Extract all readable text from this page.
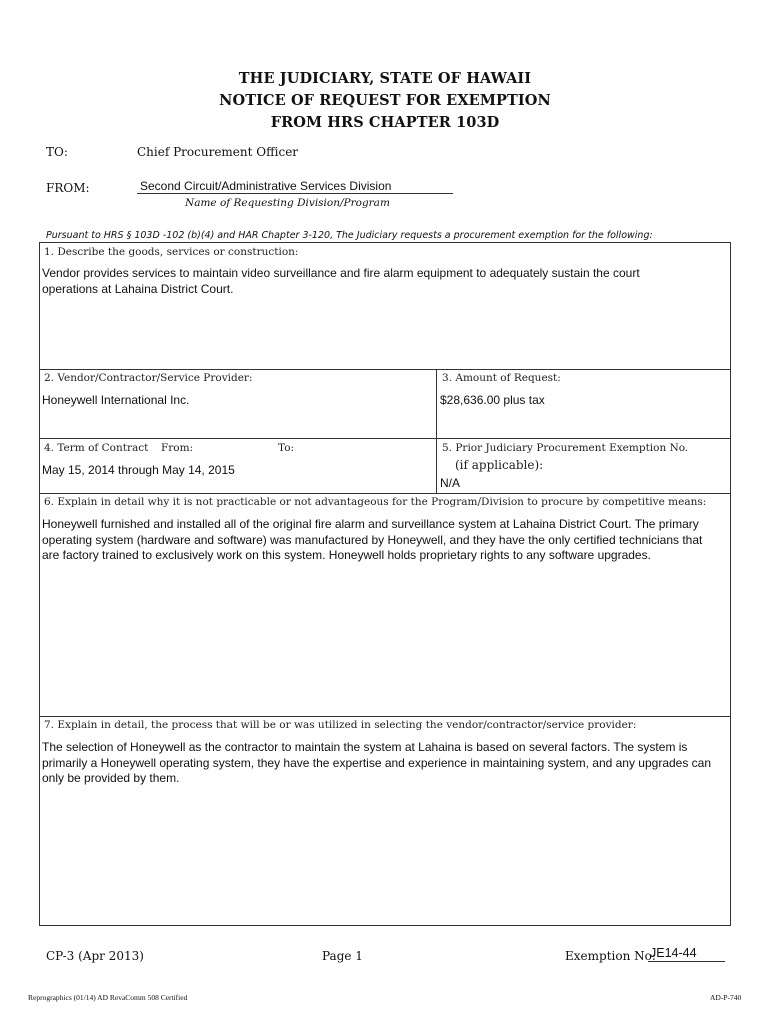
THE JUDICIARY, STATE OF HAWAII
NOTICE OF REQUEST FOR EXEMPTION
FROM HRS CHAPTER 103D
TO:	Chief Procurement Officer
FROM:	Second Circuit/Administrative Services Division
Name of Requesting Division/Program
Pursuant to HRS § 103D -102 (b)(4) and HAR Chapter 3-120, The Judiciary requests a procurement exemption for the following:
1. Describe the goods, services or construction:
Vendor provides services to maintain video surveillance and fire alarm equipment to adequately sustain the court operations at Lahaina District Court.
2. Vendor/Contractor/Service Provider:
Honeywell International Inc.
3. Amount of Request:
$28,636.00 plus tax
4. Term of Contract From:	To:
May 15, 2014 through May 14, 2015
5. Prior Judiciary Procurement Exemption No.
(if applicable):
N/A
6. Explain in detail why it is not practicable or not advantageous for the Program/Division to procure by competitive means:
Honeywell furnished and installed all of the original fire alarm and surveillance system at Lahaina District Court. The primary operating system (hardware and software) was manufactured by Honeywell, and they have the only certified technicians that are factory trained to exclusively work on this system. Honeywell holds proprietary rights to any software upgrades.
7. Explain in detail, the process that will be or was utilized in selecting the vendor/contractor/service provider:
The selection of Honeywell as the contractor to maintain the system at Lahaina is based on several factors. The system is primarily a Honeywell operating system, they have the expertise and experience in maintaining system, and any upgrades can only be provided by them.
CP-3 (Apr 2013)	Page 1	Exemption No:
JE14-44
Reprographics (01/14) AD RevaComm 508 Certified	AD-P-740
